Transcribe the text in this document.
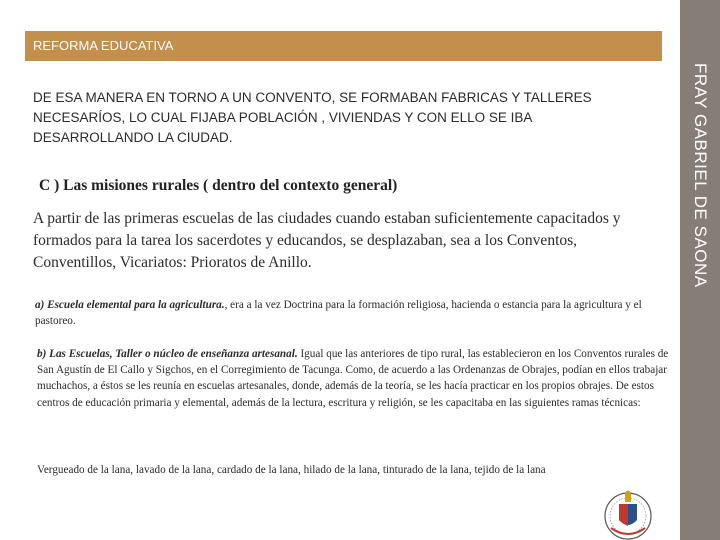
FRAY GABRIEL DE SAONA
REFORMA EDUCATIVA
DE ESA MANERA EN TORNO A UN CONVENTO, SE FORMABAN FABRICAS Y TALLERES NECESARÍOS, LO CUAL FIJABA POBLACIÓN , VIVIENDAS Y CON ELLO SE IBA DESARROLLANDO LA CIUDAD.
C ) Las misiones rurales ( dentro del contexto general)
A partir de las primeras escuelas de las ciudades cuando estaban suficientemente capacitados y formados para la tarea los sacerdotes y educandos, se desplazaban, sea a los Conventos, Conventillos, Vicariatos: Prioratos de Anillo.
a) Escuela elemental para la agricultura., era a la vez Doctrina para la formación religiosa, hacienda o estancia para la agricultura y el pastoreo.
b) Las Escuelas, Taller o núcleo de enseñanza artesanal. Igual que las anteriores de tipo rural, las establecieron en los Conventos rurales de San Agustín de El Callo y Sigchos, en el Corregimiento de Tacunga. Como, de acuerdo a las Ordenanzas de Obrajes, podían en ellos trabajar muchachos, a éstos se les reunía en escuelas artesanales, donde, además de la teoría, se les hacía practicar en los propios obrajes. De estos centros de educación primaria y elemental, además de la lectura, escritura y religión, se les capacitaba en las siguientes ramas técnicas:
Vergueado de la lana, lavado de la lana, cardado de la lana, hilado de la lana, tinturado de la lana, tejido de la lana
